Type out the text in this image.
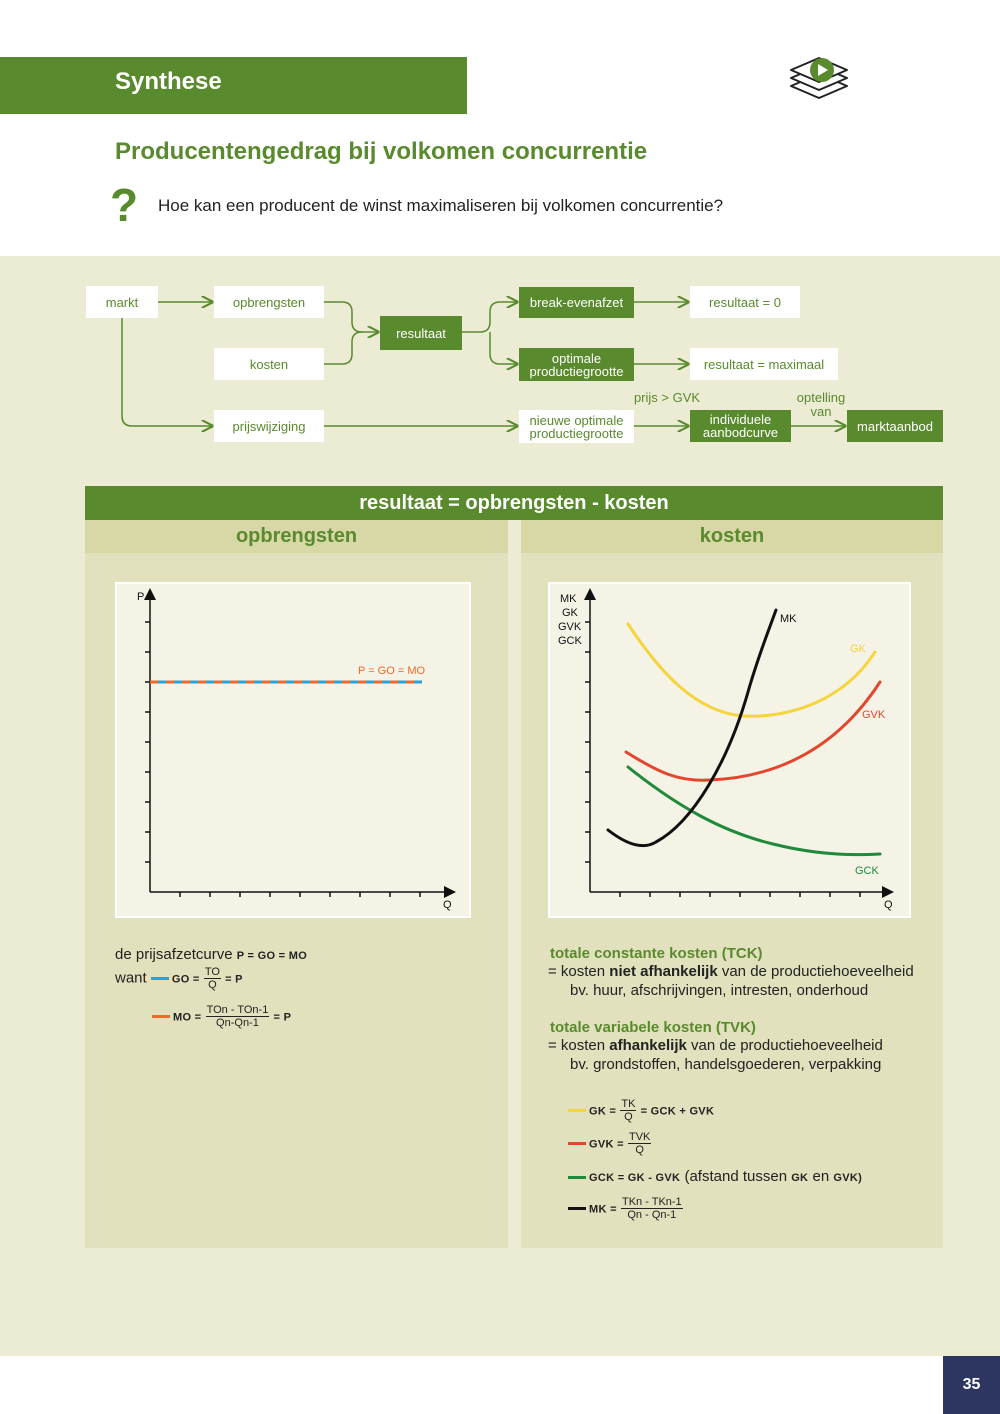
Synthese
Producentengedrag bij volkomen concurrentie
? Hoe kan een producent de winst maximaliseren bij volkomen concurrentie?
markt	opbrengsten
kosten
resultaat
break-evenafzet
optimale
productiegrootte
resultaat = 0
resultaat = maximaal
prijswijziging	nieuwe optimale
productiegrootte
prijs > GVK
individuele
aanbodcurve
optelling
van
marktaanbod
resultaat = opbrengsten - kosten
opbrengsten
P
Q
P = GO = MO
de prijsafzetcurve P = GO = MO
want GO = $\frac{TO}{Q} = P$
MO = $\frac{\text{TOn - TOn-1}}{Qn-Qn-1} = P$
kosten
MK
GK
GVK
GCK
Q
MK
GK
GVK
GCK
totale constante kosten (TCK)
= kosten niet afhankelijk van de productiehoeveelheid
bv. huur, afschrijvingen, intresten, onderhoud
totale variabele kosten (TVK)
= kosten afhankelijk van de productiehoeveelheid
bv. grondstoffen, handelsgoederen, verpakking
GK = $\frac{TK}{Q}$ = GCK + GVK
GVK = $\frac{\text{TVK}}{Q}$
GCK = GK - GVK (afstand tussen GK en GVK)
MK = $\frac{\text{TKn - TKn-1}}{Qn - Qn-1}$
35
